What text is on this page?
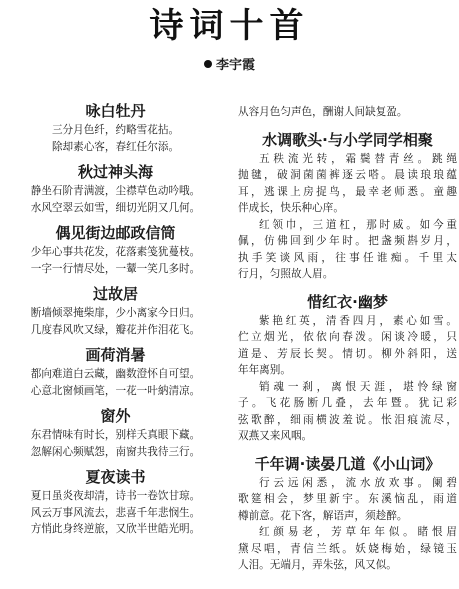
诗词十首
李宇霞
咏白牡丹
三分月色纤，约略雪花拈。
除却素心客，春红任尔添。
秋过神头海
静坐石阶青满渡，尘襟草色动吟哦。
水风空翠云如雪，细切光阴又几何。
偶见街边邮政信筒
少年心事共花发，花落素笺犹蔓枝。
一字一行情尽处，一颦一笑几多时。
过故居
断墙倾翠掩柴扉，少小离家今日归。
几度春风吹又绿，瓣花并作泪花飞。
画荷消暑
都向难道白云藏，幽数澄怀自可望。
心意北窗倾画笔，一花一叶納清凉。
窗外
东君情味有时长，别样夭真眼下藏。
忽解闲心频赋怨，南窗共我待三行。
夏夜读书
夏日虽炎夜却清，诗书一卷饮甘琼。
风云万事风流去，悲喜千年悲悯生。
方悄此身终逆旅，又欣半世皓光明。
从容月色匀声色，酬谢人间缺复盈。
水调歌头·与小学同学相聚
五秩流光转，霜鬓替青丝。跳绳
抛毽，破洞菌菌裤逐云嗒。晨读琅琅蕴
耳，逃课上房捉鸟，最幸老师悉。童趣
伴成长，快乐种心庠。
红领巾，三道杠，那时威。如今重
佩，仿佛回到少年时。把盏频斟岁月，
执手笑谈风雨，往事任谁痴。千里太
行月，匀照故人眉。
惜红衣·幽梦
紫艳红英，清香四月，素心如雪。
伫立烟光，依依向春泼。闲谈冷暖，只
道是、芳辰长契。情切。柳外斜阳，送
年年离别。
销魂一刹，离恨天涯，堪怜绿窗
子。飞花肠断几叠，去年暨。犹记彩
弦歌醉，细雨横波羞说。怅泪痕流尽，
双燕又来风咽。
千年调·读晏几道《小山词》
行云远闲悉，流水放欢事。阑碧
歌筵相会，梦里新宇。东溪恼乱，雨道
樽前意。花下客，解语声，须趁醉。
红颜易老，芳草年年似。睹恨眉
黛尽唱，青信兰纸。妖娆梅始，绿镜玉
人泪。无端月，弄朱弦，风又似。
